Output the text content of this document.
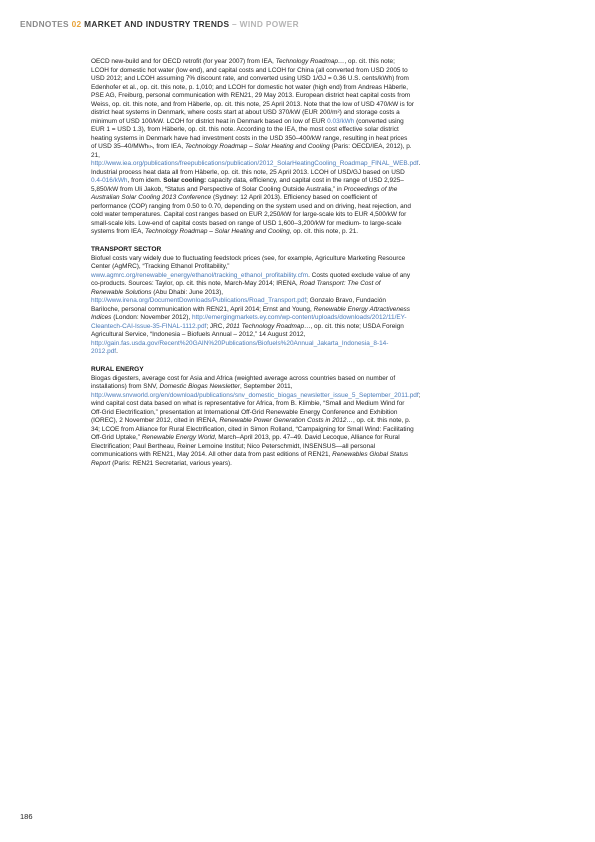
ENDNOTES 02 MARKET AND INDUSTRY TRENDS – WIND POWER

OECD new-build and for OECD retrofit (for year 2007) from IEA, Technology Roadmap…, op. cit. this note; LCOH for domestic hot water (low end), and capital costs and LCOH for China (all converted from USD 2005 to USD 2012; and LCOH assuming 7% discount rate, and converted using USD 1/GJ = 0.36 U.S. cents/kWh) from Edenhofer et al., op. cit. this note, p. 1,010; and LCOH for domestic hot water (high end) from Andreas Häberle, PSE AG, Freiburg, personal communication with REN21, 29 May 2013. European district heat capital costs from Weiss, op. cit. this note, and from Häberle, op. cit. this note, 25 April 2013. Note that the low of USD 470/kW is for district heat systems in Denmark, where costs start at about USD 370/kW (EUR 200/m²) and storage costs a minimum of USD 100/kW. LCOH for district heat in Denmark based on low of EUR 0.03/kWh (converted using EUR 1 = USD 1.3), from Häberle, op. cit. this note. According to the IEA, the most cost effective solar district heating systems in Denmark have had investment costs in the USD 350–400/kW range, resulting in heat prices of USD 35–40/MWhₜₕ, from IEA, Technology Roadmap – Solar Heating and Cooling (Paris: OECD/IEA, 2012), p. 21, http://www.iea.org/publications/freepublications/publication/2012_SolarHeatingCooling_Roadmap_FINAL_WEB.pdf. Industrial process heat data all from Häberle, op. cit. this note, 25 April 2013. LCOH of USD/GJ based on USD 0.4-016/kWh, from idem. Solar cooling: capacity data, efficiency, and capital cost in the range of USD 2,925–5,850/kW from Uli Jakob, “Status and Perspective of Solar Cooling Outside Australia,” in Proceedings of the Australian Solar Cooling 2013 Conference (Sydney: 12 April 2013). Efficiency based on coefficient of performance (COP) ranging from 0.50 to 0.70, depending on the system used and on driving, heat rejection, and cold water temperatures. Capital cost ranges based on EUR 2,250/kW for large-scale kits to EUR 4,500/kW for small-scale kits. Low-end of capital costs based on range of USD 1,600–3,200/kW for medium- to large-scale systems from IEA, Technology Roadmap – Solar Heating and Cooling, op. cit. this note, p. 21.

TRANSPORT SECTOR

Biofuel costs vary widely due to fluctuating feedstock prices (see, for example, Agriculture Marketing Resource Center (AgMRC), “Tracking Ethanol Profitability,” www.agmrc.org/renewable_energy/ethanol/tracking_ethanol_profitability.cfm. Costs quoted exclude value of any co-products. Sources: Taylor, op. cit. this note, March-May 2014; IRENA, Road Transport: The Cost of Renewable Solutions (Abu Dhabi: June 2013), http://www.irena.org/DocumentDownloads/Publications/Road_Transport.pdf; Gonzalo Bravo, Fundación Bariloche, personal communication with REN21, April 2014; Ernst and Young, Renewable Energy Attractiveness Indices (London: November 2012), http://emergingmarkets.ey.com/wp-content/uploads/downloads/2012/11/EY-Cleantech-CAI-Issue-35-FINAL-1112.pdf; JRC, 2011 Technology Roadmap…, op. cit. this note; USDA Foreign Agricultural Service, “Indonesia – Biofuels Annual – 2012,” 14 August 2012, http://gain.fas.usda.gov/Recent%20GAIN%20Publications/Biofuels%20Annual_Jakarta_Indonesia_8-14-2012.pdf.

RURAL ENERGY

Biogas digesters, average cost for Asia and Africa (weighted average across countries based on number of installations) from SNV, Domestic Biogas Newsletter, September 2011, http://www.snvworld.org/en/download/publications/snv_domestic_biogas_newsletter_issue_5_September_2011.pdf; wind capital cost data based on what is representative for Africa, from B. Klimbie, “Small and Medium Wind for Off-Grid Electrification,” presentation at International Off-Grid Renewable Energy Conference and Exhibition (IOREC), 2 November 2012, cited in IRENA, Renewable Power Generation Costs in 2012…, op. cit. this note, p. 34; LCOE from Alliance for Rural Electrification, cited in Simon Rolland, “Campaigning for Small Wind: Facilitating Off-Grid Uptake,” Renewable Energy World, March–April 2013, pp. 47–49. David Lecoque, Alliance for Rural Electrification; Paul Bertheau, Reiner Lemoine Institut; Nico Peterschmidt, INSENSUS—all personal communications with REN21, May 2014. All other data from past editions of REN21, Renewables Global Status Report (Paris: REN21 Secretariat, various years).

186
